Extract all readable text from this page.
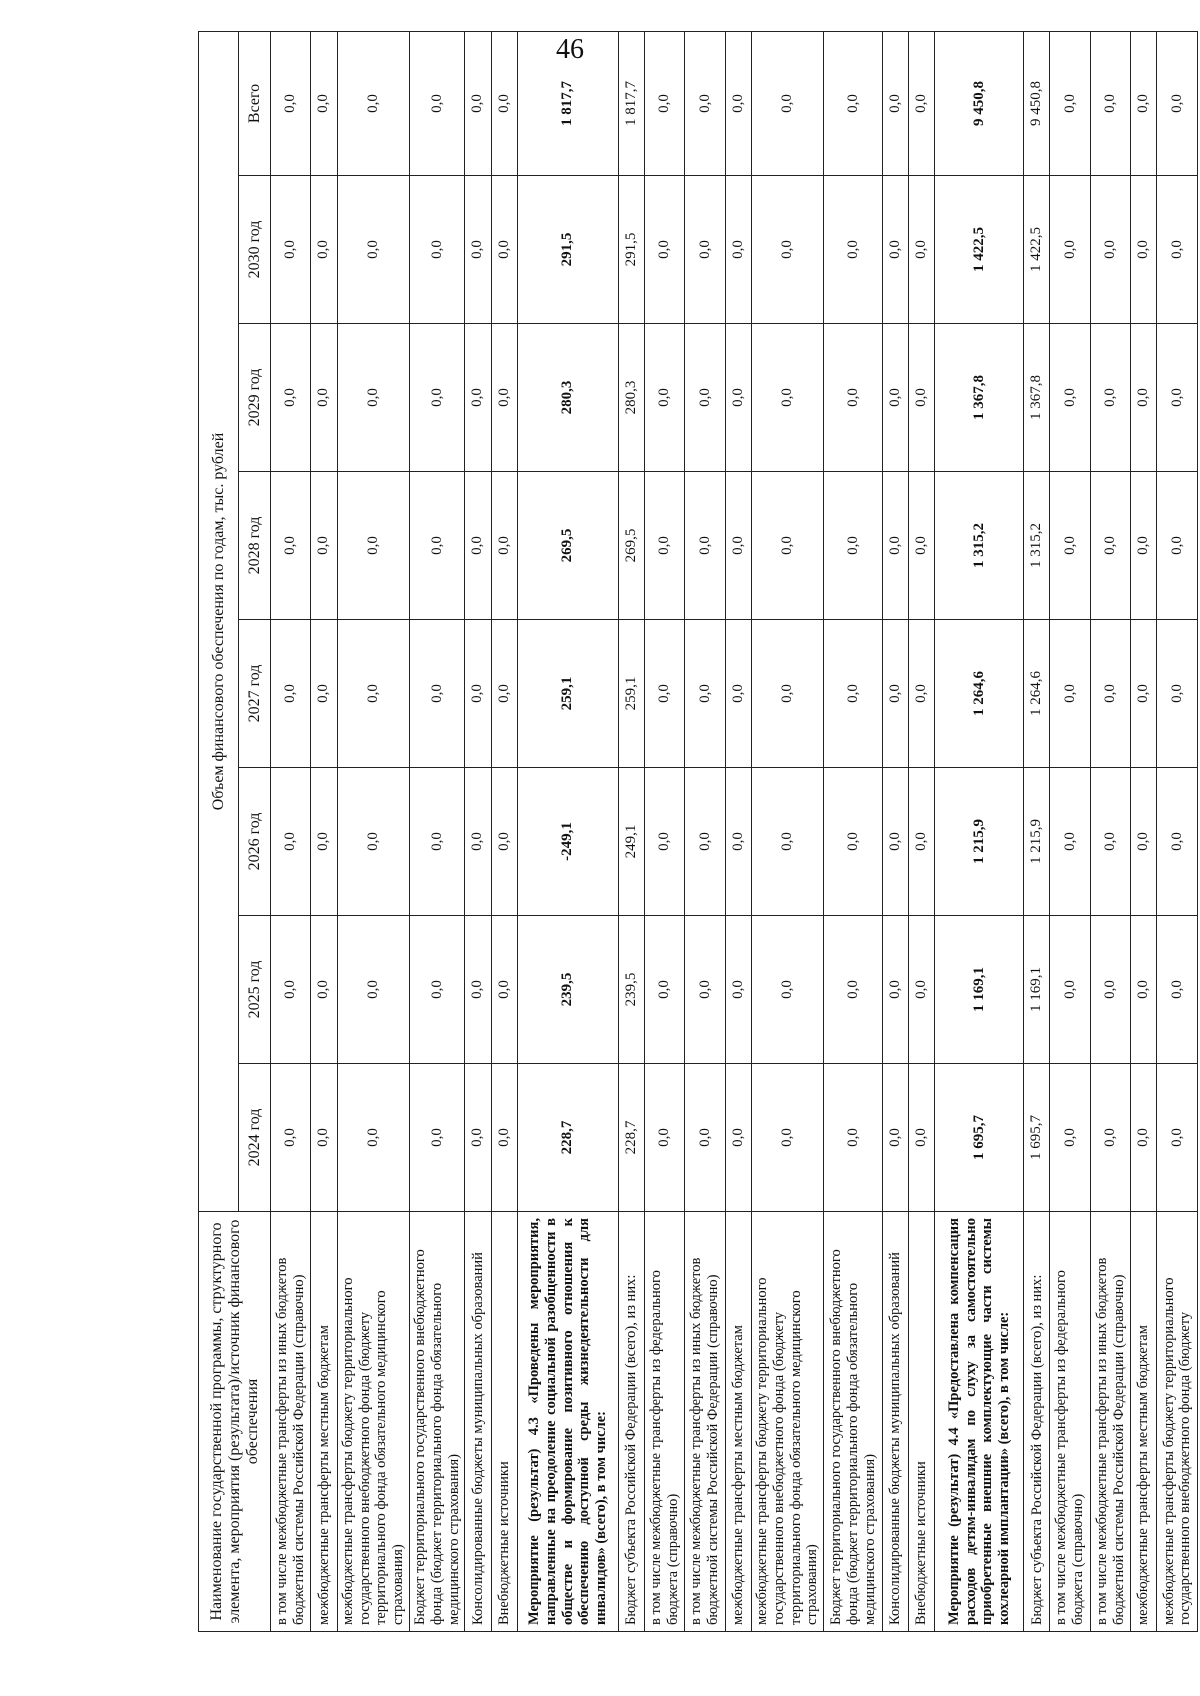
46
Наименование государственной программы, структурного элемента, мероприятия (результата)/источник финансового обеспечения	Объем финансового обеспечения по годам, тыс. рублей							
	2024 год	2025 год	2026 год	2027 год	2028 год	2029 год	2030 год	Всего
в том числе межбюджетные трансферты из иных бюджетов бюджетной системы Российской Федерации (справочно)	0,0	0,0	0,0	0,0	0,0	0,0	0,0	0,0
межбюджетные трансферты местным бюджетам	0,0	0,0	0,0	0,0	0,0	0,0	0,0	0,0
межбюджетные трансферты бюджету территориального государственного внебюджетного фонда (бюджету территориального фонда обязательного медицинского страхования)	0,0	0,0	0,0	0,0	0,0	0,0	0,0	0,0
Бюджет территориального государственного внебюджетного фонда (бюджет территориального фонда обязательного медицинского страхования)	0,0	0,0	0,0	0,0	0,0	0,0	0,0	0,0
Консолидированные бюджеты муниципальных образований	0,0	0,0	0,0	0,0	0,0	0,0	0,0	0,0
Внебюджетные источники	0,0	0,0	0,0	0,0	0,0	0,0	0,0	0,0
Мероприятие (результат) 4.3 «Проведены мероприятия, направленные на преодоление социальной разобщенности в обществе и формирование позитивного отношения к обеспечению доступной среды жизнедеятельности для инвалидов» (всего), в том числе:	228,7	239,5	-249,1	259,1	269,5	280,3	291,5	1 817,7
Бюджет субъекта Российской Федерации (всего), из них:	228,7	239,5	249,1	259,1	269,5	280,3	291,5	1 817,7
в том числе межбюджетные трансферты из федерального бюджета (справочно)	0,0	0,0	0,0	0,0	0,0	0,0	0,0	0,0
в том числе межбюджетные трансферты из иных бюджетов бюджетной системы Российской Федерации (справочно)	0,0	0,0	0,0	0,0	0,0	0,0	0,0	0,0
межбюджетные трансферты местным бюджетам	0,0	0,0	0,0	0,0	0,0	0,0	0,0	0,0
межбюджетные трансферты бюджету территориального государственного внебюджетного фонда (бюджету территориального фонда обязательного медицинского страхования)	0,0	0,0	0,0	0,0	0,0	0,0	0,0	0,0
Бюджет территориального государственного внебюджетного фонда (бюджет территориального фонда обязательного медицинского страхования)	0,0	0,0	0,0	0,0	0,0	0,0	0,0	0,0
Консолидированные бюджеты муниципальных образований	0,0	0,0	0,0	0,0	0,0	0,0	0,0	0,0
Внебюджетные источники	0,0	0,0	0,0	0,0	0,0	0,0	0,0	0,0
Мероприятие (результат) 4.4 «Предоставлена компенсация расходов детям-инвалидам по слуху за самостоятельно приобретенные внешние комплектующие части системы кохлеарной имплантации» (всего), в том числе:	1 695,7	1 169,1	1 215,9	1 264,6	1 315,2	1 367,8	1 422,5	9 450,8
Бюджет субъекта Российской Федерации (всего), из них:	1 695,7	1 169,1	1 215,9	1 264,6	1 315,2	1 367,8	1 422,5	9 450,8
в том числе межбюджетные трансферты из федерального бюджета (справочно)	0,0	0,0	0,0	0,0	0,0	0,0	0,0	0,0
в том числе межбюджетные трансферты из иных бюджетов бюджетной системы Российской Федерации (справочно)	0,0	0,0	0,0	0,0	0,0	0,0	0,0	0,0
межбюджетные трансферты местным бюджетам	0,0	0,0	0,0	0,0	0,0	0,0	0,0	0,0
межбюджетные трансферты бюджету территориального государственного внебюджетного фонда (бюджету	0,0	0,0	0,0	0,0	0,0	0,0	0,0	0,0
